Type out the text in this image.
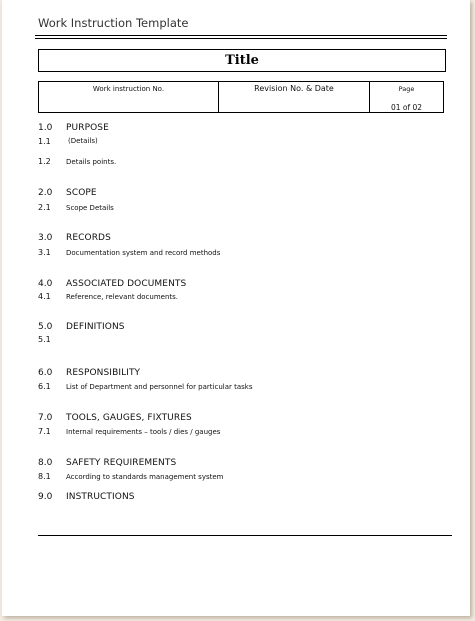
Work Instruction Template
Title
Work instruction No.	Revision No. & Date	Page
01 of 02
1.0 PURPOSE
1.1 (Details)
1.2 Details points.
2.0 SCOPE
2.1 Scope Details
3.0 RECORDS
3.1 Documentation system and record methods
4.0 ASSOCIATED DOCUMENTS
4.1 Reference, relevant documents.
5.0 DEFINITIONS
5.1
6.0 RESPONSIBILITY
6.1 List of Department and personnel for particular tasks
7.0 TOOLS, GAUGES, FIXTURES
7.1 Internal requirements – tools / dies / gauges
8.0 SAFETY REQUIREMENTS
8.1 According to standards management system
9.0 INSTRUCTIONS
